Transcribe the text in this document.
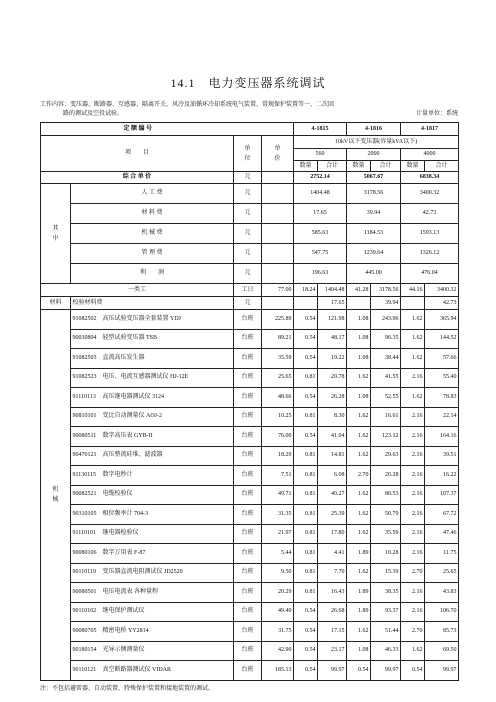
14.1　电力变压器系统调试
工作内容：变压器、断路器、互感器、隔离开关、风冷及油循环冷却系统电气装置、常规保护装置等一、二次回
路的调试及空投试验。	计量单位：系统
定 额 编 号				4-1815		4-1816		4-1817	
项　　目		单位	单价	10kV以下变压器(容量kVA以下)					
				560		2000		4000	
				数量	合计	数量	合计	数量	合计
综 合 单 价		元		2752.14		5067.67		6838.34	
其中	人 工 费	元		1404.48		3178.56		3400.32	
	材 料 费	元		17.65		39.94		42.73	
	机 械 费	元		585.63		1184.53		1593.13	
	管 理 费	元		547.75		1239.64		1326.12	
	利　　润	元		196.63		445.00		476.04	
一类工		工日	77.00	18.24	1404.48	41.28	3178.56	44.16	3400.32
材料	校验材料费	元			17.65		39.94		42.73
机械	91082502 高压试验变压器全套装置 YDJ	台班	225.89	0.54	121.98	1.08	243.96	1.62	365.94
	90030804 轻型试验变压器 TSB	台班	89.21	0.54	48.17	1.08	96.35	1.62	144.52
	91082503 直流高压发生器	台班	35.59	0.54	19.22	1.08	38.44	1.62	57.66
	91082523 电压、电流互感器测试仪 HJ-12E	台班	25.65	0.81	20.78	1.62	41.55	2.16	55.40
	91110113 高压继电器测试仪 3124	台班	48.66	0.54	26.28	1.08	52.55	1.62	78.83
	90810101 变比自动测量仪 AOJ-2	台班	10.25	0.81	8.30	1.62	16.61	2.16	22.14
	90080511 数字高压表 GYB-II	台班	76.00	0.54	41.04	1.62	123.12	2.16	164.16
	90470121 高压整流硅堆、滤波器	台班	18.29	0.81	14.81	1.62	29.63	2.16	39.51
	91130115 数字电秒计	台班	7.51	0.81	6.08	2.70	20.28	2.16	16.22
	90082521 电缆校验仪	台班	49.71	0.81	40.27	1.62	80.53	2.16	107.37
	90310105 相位频率计 704-3	台班	31.35	0.81	25.39	1.62	50.79	2.16	67.72
	91110101 继电器检验仪	台班	21.97	0.81	17.80	1.62	35.59	2.16	47.46
	90080106 数字万用表 F-87	台班	5.44	0.81	4.41	1.89	10.28	2.16	11.75
	90110119 变压器直流电阻测试仪 JD2520	台班	9.50	0.81	7.70	1.62	15.39	2.70	25.65
	90080501 电压电流表 各种量程	台班	20.29	0.81	16.43	1.89	38.35	2.16	43.83
	90110102 继电保护测试仪	台班	49.40	0.54	26.68	1.89	93.37	2.16	106.70
	90080705 精密电桥 YY2814	台班	31.75	0.54	17.15	1.62	51.44	2.70	85.73
	90180154 光导示侧测量仪	台班	42.90	0.54	23.17	1.08	46.33	1.62	69.50
	90110121 真空断路器测试仪 VIDAR	台班	185.13	0.54	99.97	0.54	99.97	0.54	99.97
注：不包括避雷器、自动装置、特殊保护装置和接地装置的调试。
